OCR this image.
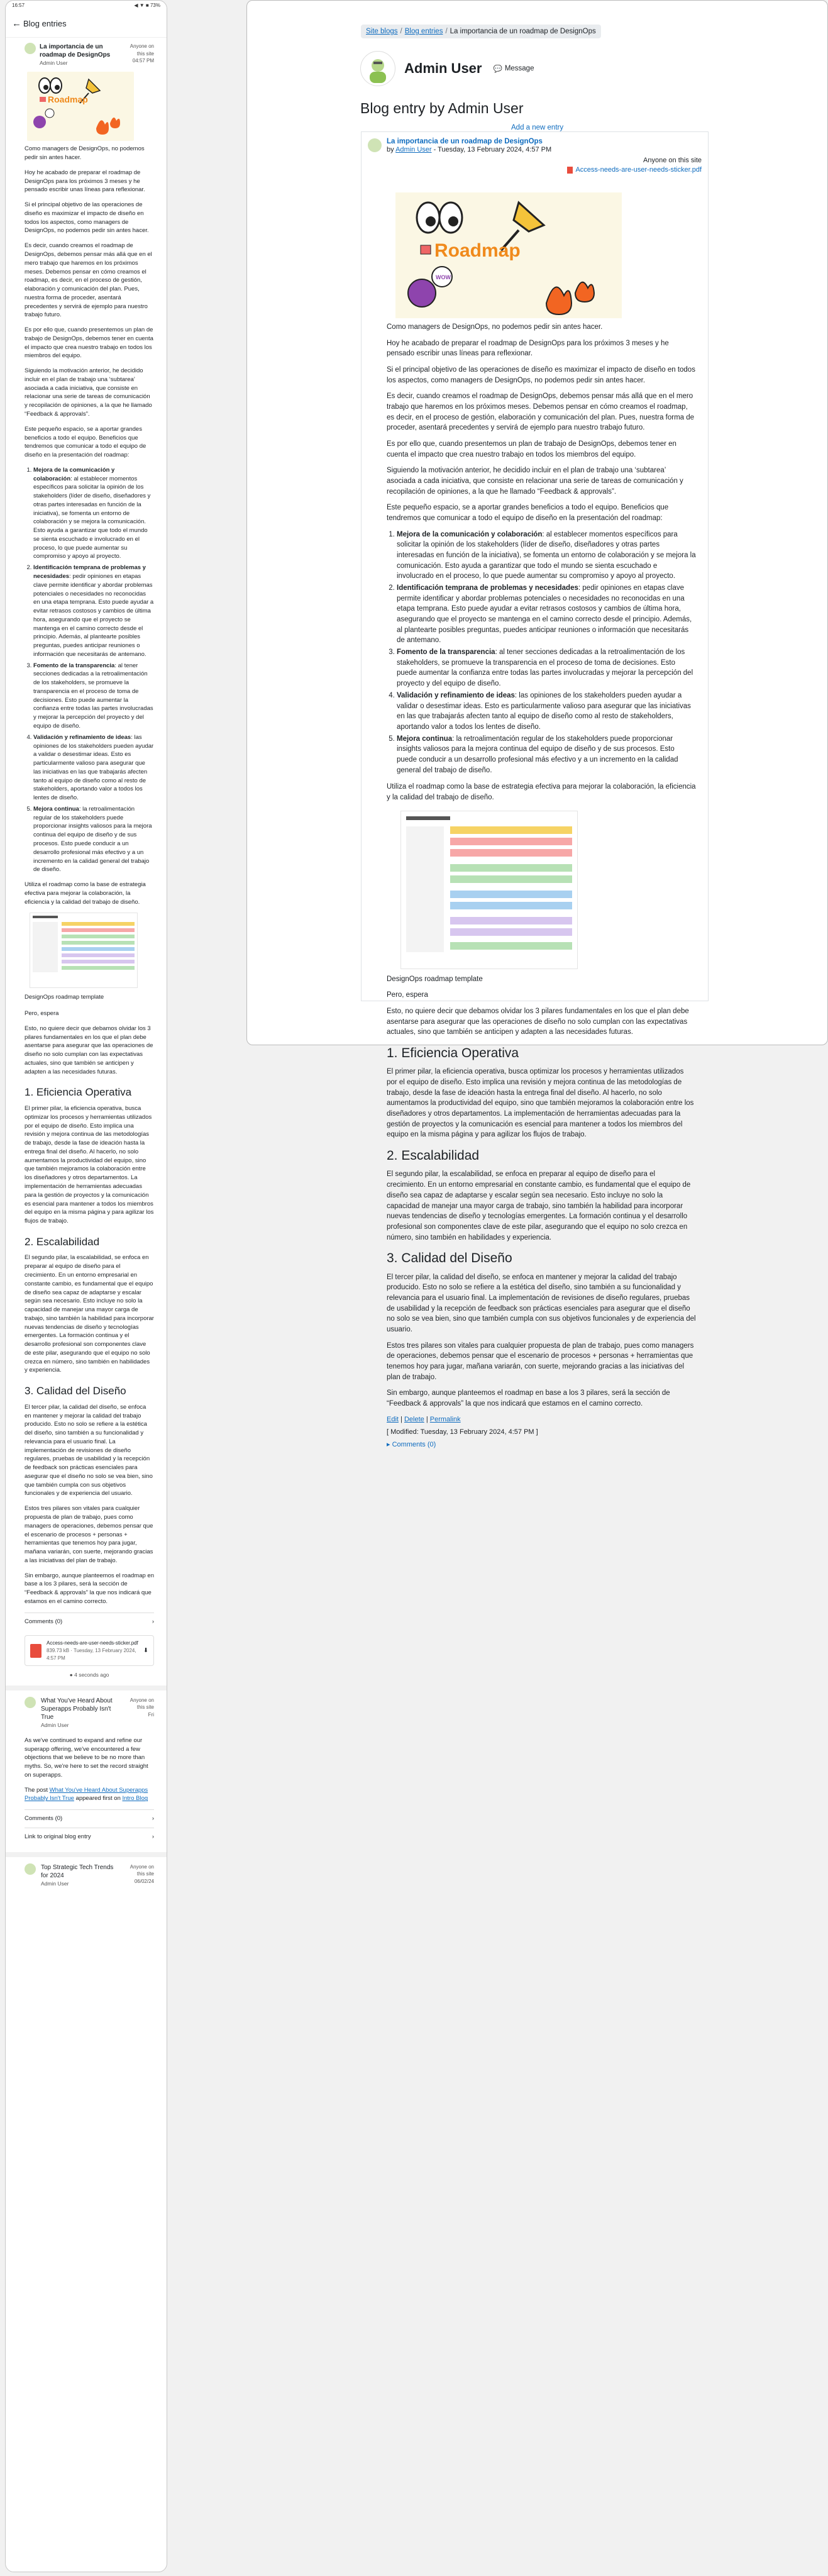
16:57	◀ ▼ ■ 73%
← Blog entries
La importancia de un roadmap de DesignOps
Admin User
Anyone on this site
04:57 PM
Roadmap

Como managers de DesignOps, no podemos pedir sin antes hacer.

Hoy he acabado de preparar el roadmap de DesignOps para los próximos 3 meses y he pensado escribir unas líneas para reflexionar.

Si el principal objetivo de las operaciones de diseño es maximizar el impacto de diseño en todos los aspectos, como managers de DesignOps, no podemos pedir sin antes hacer.

Es decir, cuando creamos el roadmap de DesignOps, debemos pensar más allá que en el mero trabajo que haremos en los próximos meses. Debemos pensar en cómo creamos el roadmap, es decir, en el proceso de gestión, elaboración y comunicación del plan. Pues, nuestra forma de proceder, asentará precedentes y servirá de ejemplo para nuestro trabajo futuro.

Es por ello que, cuando presentemos un plan de trabajo de DesignOps, debemos tener en cuenta el impacto que crea nuestro trabajo en todos los miembros del equipo.

Siguiendo la motivación anterior, he decidido incluir en el plan de trabajo una ‘subtarea’ asociada a cada iniciativa, que consiste en relacionar una serie de tareas de comunicación y recopilación de opiniones, a la que he llamado “Feedback & approvals”.

Este pequeño espacio, se a aportar grandes beneficios a todo el equipo. Beneficios que tendremos que comunicar a todo el equipo de diseño en la presentación del roadmap:

1. Mejora de la comunicación y colaboración: al establecer momentos específicos para solicitar la opinión de los stakeholders (líder de diseño, diseñadores y otras partes interesadas en función de la iniciativa), se fomenta un entorno de colaboración y se mejora la comunicación. Esto ayuda a garantizar que todo el mundo se sienta escuchado e involucrado en el proceso, lo que puede aumentar su compromiso y apoyo al proyecto.
2. Identificación temprana de problemas y necesidades: pedir opiniones en etapas clave permite identificar y abordar problemas potenciales o necesidades no reconocidas en una etapa temprana. Esto puede ayudar a evitar retrasos costosos y cambios de última hora, asegurando que el proyecto se mantenga en el camino correcto desde el principio. Además, al plantearte posibles preguntas, puedes anticipar reuniones o información que necesitarás de antemano.
3. Fomento de la transparencia: al tener secciones dedicadas a la retroalimentación de los stakeholders, se promueve la transparencia en el proceso de toma de decisiones. Esto puede aumentar la confianza entre todas las partes involucradas y mejorar la percepción del proyecto y del equipo de diseño.
4. Validación y refinamiento de ideas: las opiniones de los stakeholders pueden ayudar a validar o desestimar ideas. Esto es particularmente valioso para asegurar que las iniciativas en las que trabajarás afecten tanto al equipo de diseño como al resto de stakeholders, aportando valor a todos los lentes de diseño.
5. Mejora continua: la retroalimentación regular de los stakeholders puede proporcionar insights valiosos para la mejora continua del equipo de diseño y de sus procesos. Esto puede conducir a un desarrollo profesional más efectivo y a un incremento en la calidad general del trabajo de diseño.

Utiliza el roadmap como la base de estrategia efectiva para mejorar la colaboración, la eficiencia y la calidad del trabajo de diseño.

DesignOps roadmap template

Pero, espera

Esto, no quiere decir que debamos olvidar los 3 pilares fundamentales en los que el plan debe asentarse para asegurar que las operaciones de diseño no solo cumplan con las expectativas actuales, sino que también se anticipen y adapten a las necesidades futuras.

1. Eficiencia Operativa

El primer pilar, la eficiencia operativa, busca optimizar los procesos y herramientas utilizados por el equipo de diseño. Esto implica una revisión y mejora continua de las metodologías de trabajo, desde la fase de ideación hasta la entrega final del diseño. Al hacerlo, no solo aumentamos la productividad del equipo, sino que también mejoramos la colaboración entre los diseñadores y otros departamentos. La implementación de herramientas adecuadas para la gestión de proyectos y la comunicación es esencial para mantener a todos los miembros del equipo en la misma página y para agilizar los flujos de trabajo.

2. Escalabilidad

El segundo pilar, la escalabilidad, se enfoca en preparar al equipo de diseño para el crecimiento. En un entorno empresarial en constante cambio, es fundamental que el equipo de diseño sea capaz de adaptarse y escalar según sea necesario. Esto incluye no solo la capacidad de manejar una mayor carga de trabajo, sino también la habilidad para incorporar nuevas tendencias de diseño y tecnologías emergentes. La formación continua y el desarrollo profesional son componentes clave de este pilar, asegurando que el equipo no solo crezca en número, sino también en habilidades y experiencia.

3. Calidad del Diseño

El tercer pilar, la calidad del diseño, se enfoca en mantener y mejorar la calidad del trabajo producido. Esto no solo se refiere a la estética del diseño, sino también a su funcionalidad y relevancia para el usuario final. La implementación de revisiones de diseño regulares, pruebas de usabilidad y la recepción de feedback son prácticas esenciales para asegurar que el diseño no solo se vea bien, sino que también cumpla con sus objetivos funcionales y de experiencia del usuario.

Estos tres pilares son vitales para cualquier propuesta de plan de trabajo, pues como managers de operaciones, debemos pensar que el escenario de procesos + personas + herramientas que tenemos hoy para jugar, mañana variarán, con suerte, mejorando gracias a las iniciativas del plan de trabajo.

Sin embargo, aunque planteemos el roadmap en base a los 3 pilares, será la sección de “Feedback & approvals” la que nos indicará que estamos en el camino correcto.

Comments (0)	›
Access-needs-are-user-needs-sticker.pdf
839.73 kB · Tuesday, 13 February 2024, 4:57 PM
⬇
● 4 seconds ago
What You've Heard About Superapps Probably Isn't True
Admin User
Anyone on this site
Fri

As we've continued to expand and refine our superapp offering, we've encountered a few objections that we believe to be no more than myths. So, we're here to set the record straight on superapps.

The post What You've Heard About Superapps Probably Isn't True appeared first on Intro Blog

Comments (0)	›
Link to original blog entry	›
Top Strategic Tech Trends for 2024
Admin User
Anyone on this site
06/02/24
Site blogs / Blog entries / La importancia de un roadmap de DesignOps
Admin User 💬 Message
Blog entry by Admin User
Add a new entry
La importancia de un roadmap de DesignOps
by Admin User - Tuesday, 13 February 2024, 4:57 PM
Anyone on this site
Access-needs-are-user-needs-sticker.pdf
Roadmap
WOW

Como managers de DesignOps, no podemos pedir sin antes hacer.

Hoy he acabado de preparar el roadmap de DesignOps para los próximos 3 meses y he pensado escribir unas líneas para reflexionar.

Si el principal objetivo de las operaciones de diseño es maximizar el impacto de diseño en todos los aspectos, como managers de DesignOps, no podemos pedir sin antes hacer.

Es decir, cuando creamos el roadmap de DesignOps, debemos pensar más allá que en el mero trabajo que haremos en los próximos meses. Debemos pensar en cómo creamos el roadmap, es decir, en el proceso de gestión, elaboración y comunicación del plan. Pues, nuestra forma de proceder, asentará precedentes y servirá de ejemplo para nuestro trabajo futuro.

Es por ello que, cuando presentemos un plan de trabajo de DesignOps, debemos tener en cuenta el impacto que crea nuestro trabajo en todos los miembros del equipo.

Siguiendo la motivación anterior, he decidido incluir en el plan de trabajo una ‘subtarea’ asociada a cada iniciativa, que consiste en relacionar una serie de tareas de comunicación y recopilación de opiniones, a la que he llamado “Feedback & approvals”.

Este pequeño espacio, se a aportar grandes beneficios a todo el equipo. Beneficios que tendremos que comunicar a todo el equipo de diseño en la presentación del roadmap:

1. Mejora de la comunicación y colaboración: al establecer momentos específicos para solicitar la opinión de los stakeholders (líder de diseño, diseñadores y otras partes interesadas en función de la iniciativa), se fomenta un entorno de colaboración y se mejora la comunicación. Esto ayuda a garantizar que todo el mundo se sienta escuchado e involucrado en el proceso, lo que puede aumentar su compromiso y apoyo al proyecto.
2. Identificación temprana de problemas y necesidades: pedir opiniones en etapas clave permite identificar y abordar problemas potenciales o necesidades no reconocidas en una etapa temprana. Esto puede ayudar a evitar retrasos costosos y cambios de última hora, asegurando que el proyecto se mantenga en el camino correcto desde el principio. Además, al plantearte posibles preguntas, puedes anticipar reuniones o información que necesitarás de antemano.
3. Fomento de la transparencia: al tener secciones dedicadas a la retroalimentación de los stakeholders, se promueve la transparencia en el proceso de toma de decisiones. Esto puede aumentar la confianza entre todas las partes involucradas y mejorar la percepción del proyecto y del equipo de diseño.
4. Validación y refinamiento de ideas: las opiniones de los stakeholders pueden ayudar a validar o desestimar ideas. Esto es particularmente valioso para asegurar que las iniciativas en las que trabajarás afecten tanto al equipo de diseño como al resto de stakeholders, aportando valor a todos los lentes de diseño.
5. Mejora continua: la retroalimentación regular de los stakeholders puede proporcionar insights valiosos para la mejora continua del equipo de diseño y de sus procesos. Esto puede conducir a un desarrollo profesional más efectivo y a un incremento en la calidad general del trabajo de diseño.

Utiliza el roadmap como la base de estrategia efectiva para mejorar la colaboración, la eficiencia y la calidad del trabajo de diseño.

DesignOps roadmap template

Pero, espera

Esto, no quiere decir que debamos olvidar los 3 pilares fundamentales en los que el plan debe asentarse para asegurar que las operaciones de diseño no solo cumplan con las expectativas actuales, sino que también se anticipen y adapten a las necesidades futuras.

1. Eficiencia Operativa

El primer pilar, la eficiencia operativa, busca optimizar los procesos y herramientas utilizados por el equipo de diseño. Esto implica una revisión y mejora continua de las metodologías de trabajo, desde la fase de ideación hasta la entrega final del diseño. Al hacerlo, no solo aumentamos la productividad del equipo, sino que también mejoramos la colaboración entre los diseñadores y otros departamentos. La implementación de herramientas adecuadas para la gestión de proyectos y la comunicación es esencial para mantener a todos los miembros del equipo en la misma página y para agilizar los flujos de trabajo.

2. Escalabilidad

El segundo pilar, la escalabilidad, se enfoca en preparar al equipo de diseño para el crecimiento. En un entorno empresarial en constante cambio, es fundamental que el equipo de diseño sea capaz de adaptarse y escalar según sea necesario. Esto incluye no solo la capacidad de manejar una mayor carga de trabajo, sino también la habilidad para incorporar nuevas tendencias de diseño y tecnologías emergentes. La formación continua y el desarrollo profesional son componentes clave de este pilar, asegurando que el equipo no solo crezca en número, sino también en habilidades y experiencia.

3. Calidad del Diseño

El tercer pilar, la calidad del diseño, se enfoca en mantener y mejorar la calidad del trabajo producido. Esto no solo se refiere a la estética del diseño, sino también a su funcionalidad y relevancia para el usuario final. La implementación de revisiones de diseño regulares, pruebas de usabilidad y la recepción de feedback son prácticas esenciales para asegurar que el diseño no solo se vea bien, sino que también cumpla con sus objetivos funcionales y de experiencia del usuario.

Estos tres pilares son vitales para cualquier propuesta de plan de trabajo, pues como managers de operaciones, debemos pensar que el escenario de procesos + personas + herramientas que tenemos hoy para jugar, mañana variarán, con suerte, mejorando gracias a las iniciativas del plan de trabajo.

Sin embargo, aunque planteemos el roadmap en base a los 3 pilares, será la sección de “Feedback & approvals” la que nos indicará que estamos en el camino correcto.

Edit | Delete | Permalink
[ Modified: Tuesday, 13 February 2024, 4:57 PM ]
▸ Comments (0)
